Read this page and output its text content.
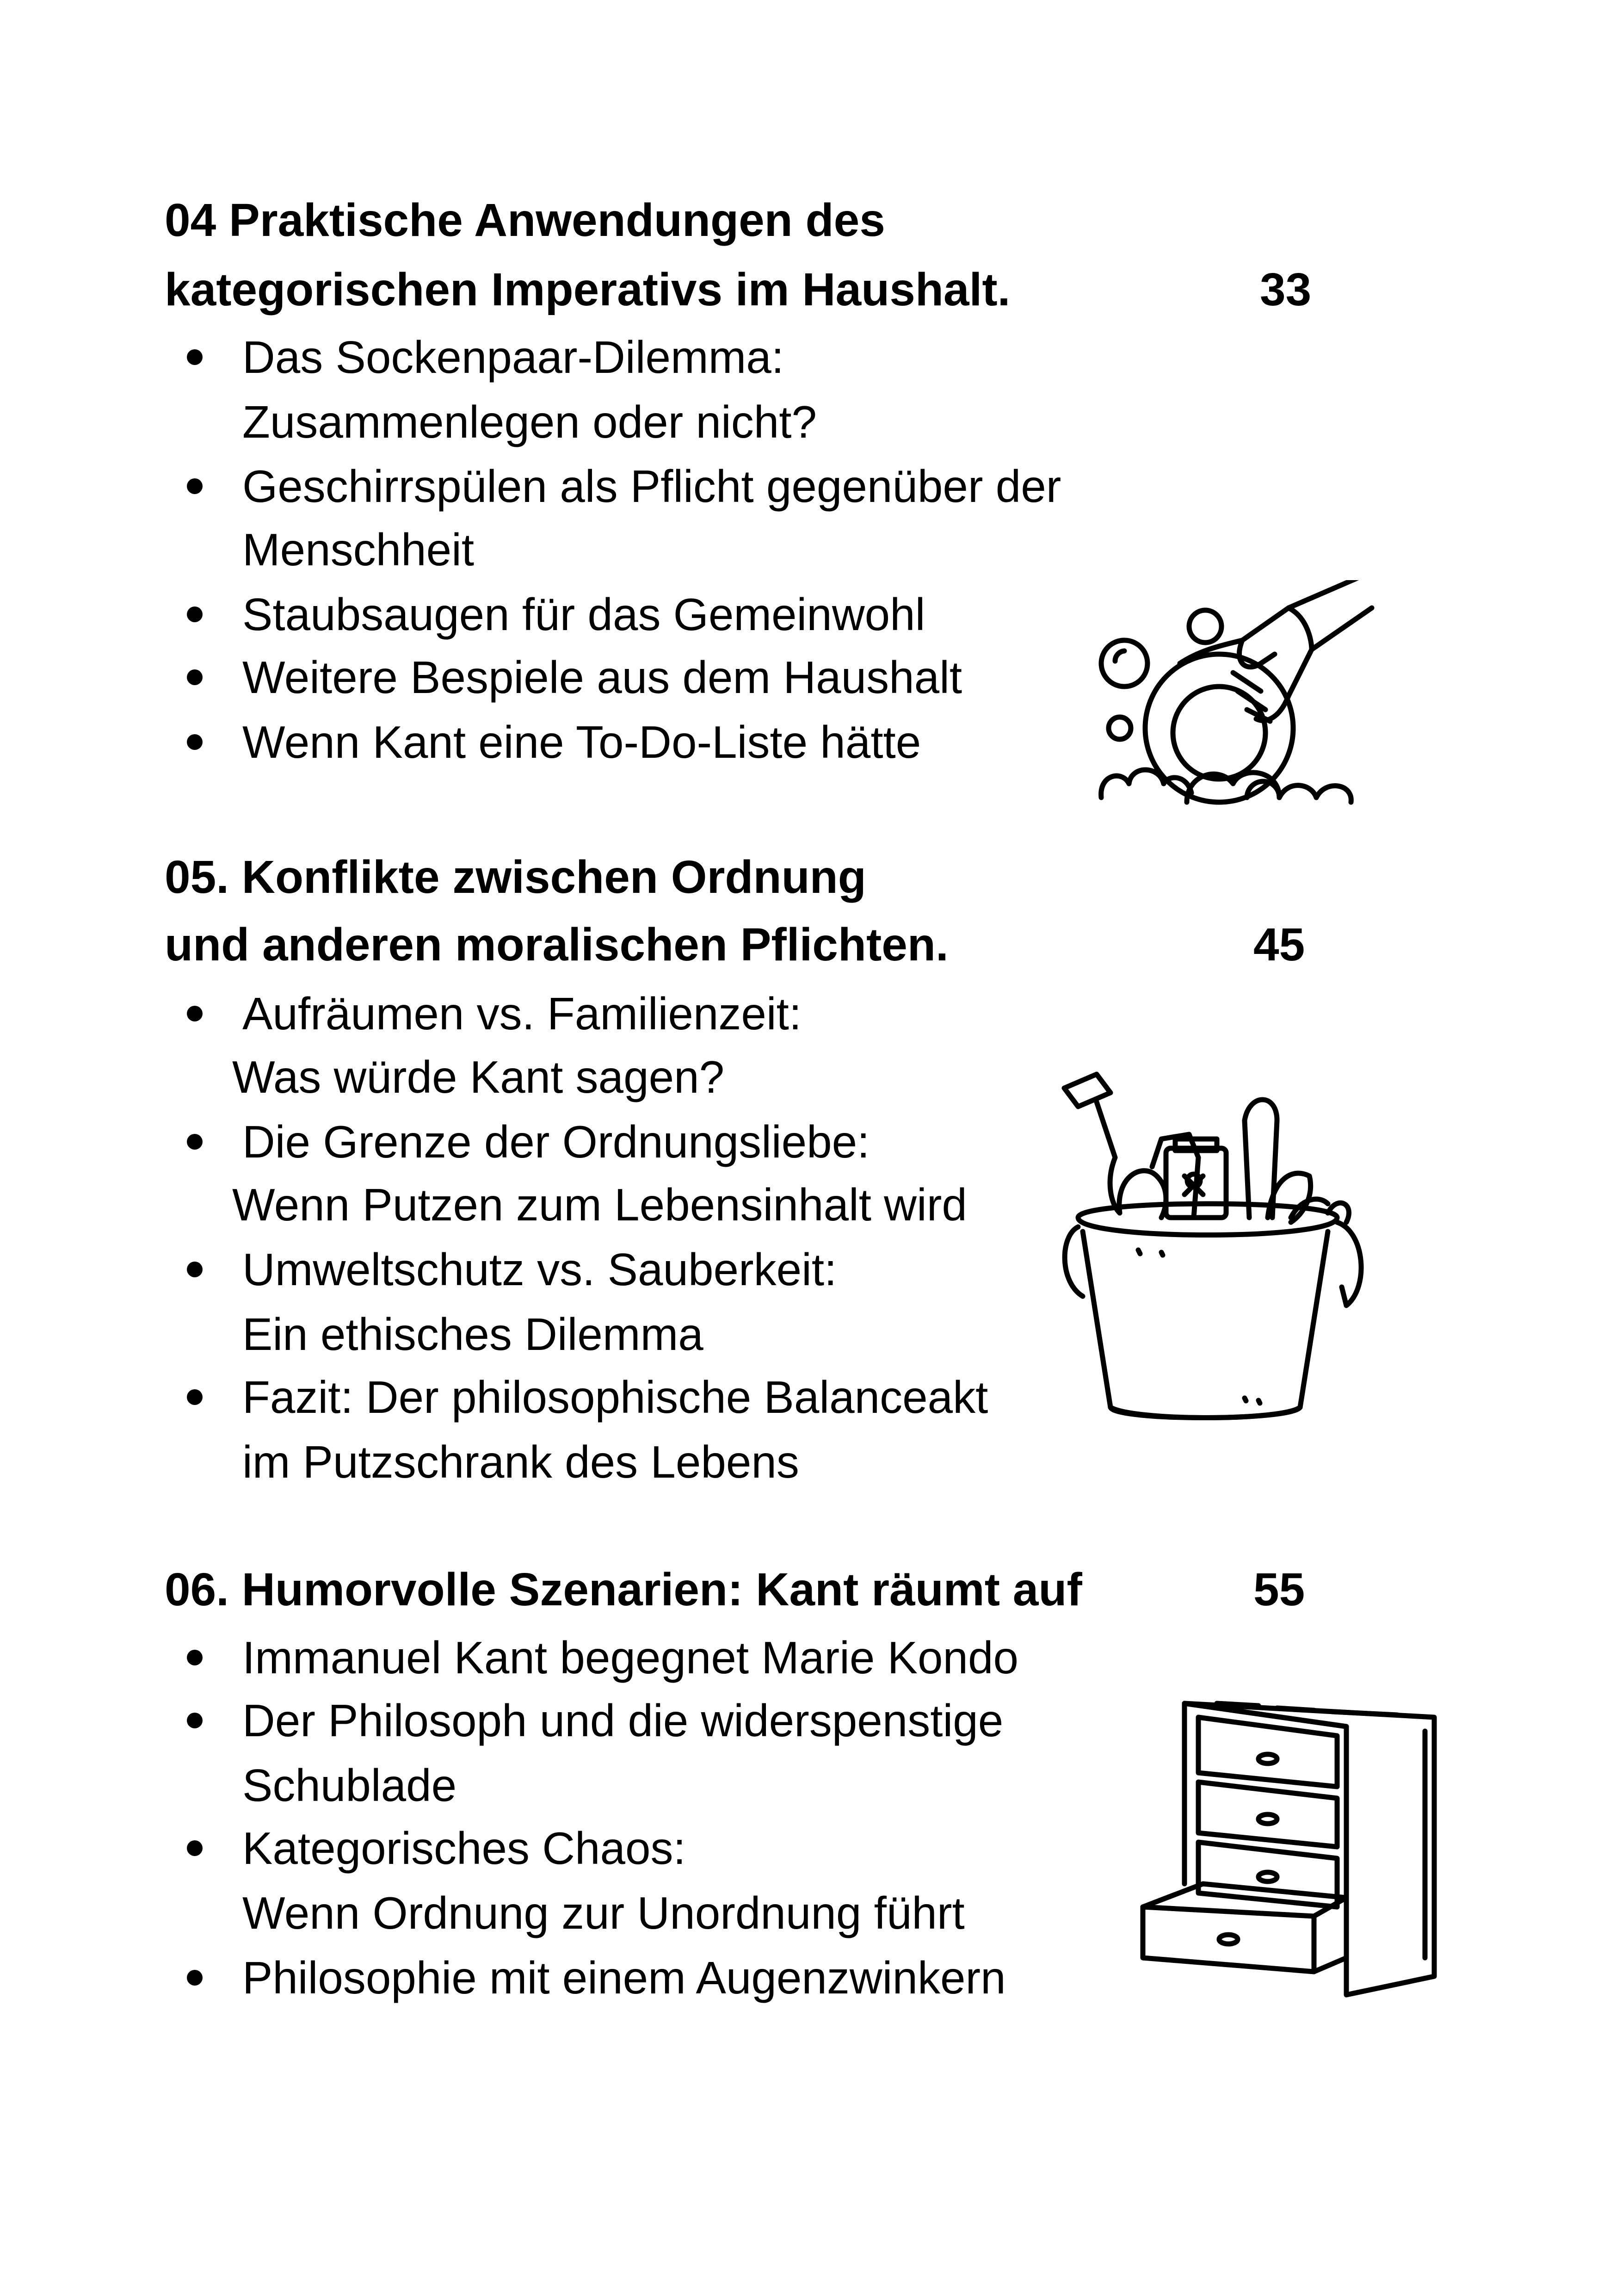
04 Praktische Anwendungen des
kategorischen Imperativs im Haushalt.	33
Das Sockenpaar-Dilemma:
Zusammenlegen oder nicht?
Geschirrspülen als Pflicht gegenüber der
Menschheit
Staubsaugen für das Gemeinwohl
Weitere Bespiele aus dem Haushalt
Wenn Kant eine To-Do-Liste hätte
05. Konflikte zwischen Ordnung
und anderen moralischen Pflichten.	45
Aufräumen vs. Familienzeit:
Was würde Kant sagen?
Die Grenze der Ordnungsliebe:
Wenn Putzen zum Lebensinhalt wird
Umweltschutz vs. Sauberkeit:
Ein ethisches Dilemma
Fazit: Der philosophische Balanceakt
im Putzschrank des Lebens
06. Humorvolle Szenarien: Kant räumt auf	55
Immanuel Kant begegnet Marie Kondo
Der Philosoph und die widerspenstige
Schublade
Kategorisches Chaos:
Wenn Ordnung zur Unordnung führt
Philosophie mit einem Augenzwinkern
